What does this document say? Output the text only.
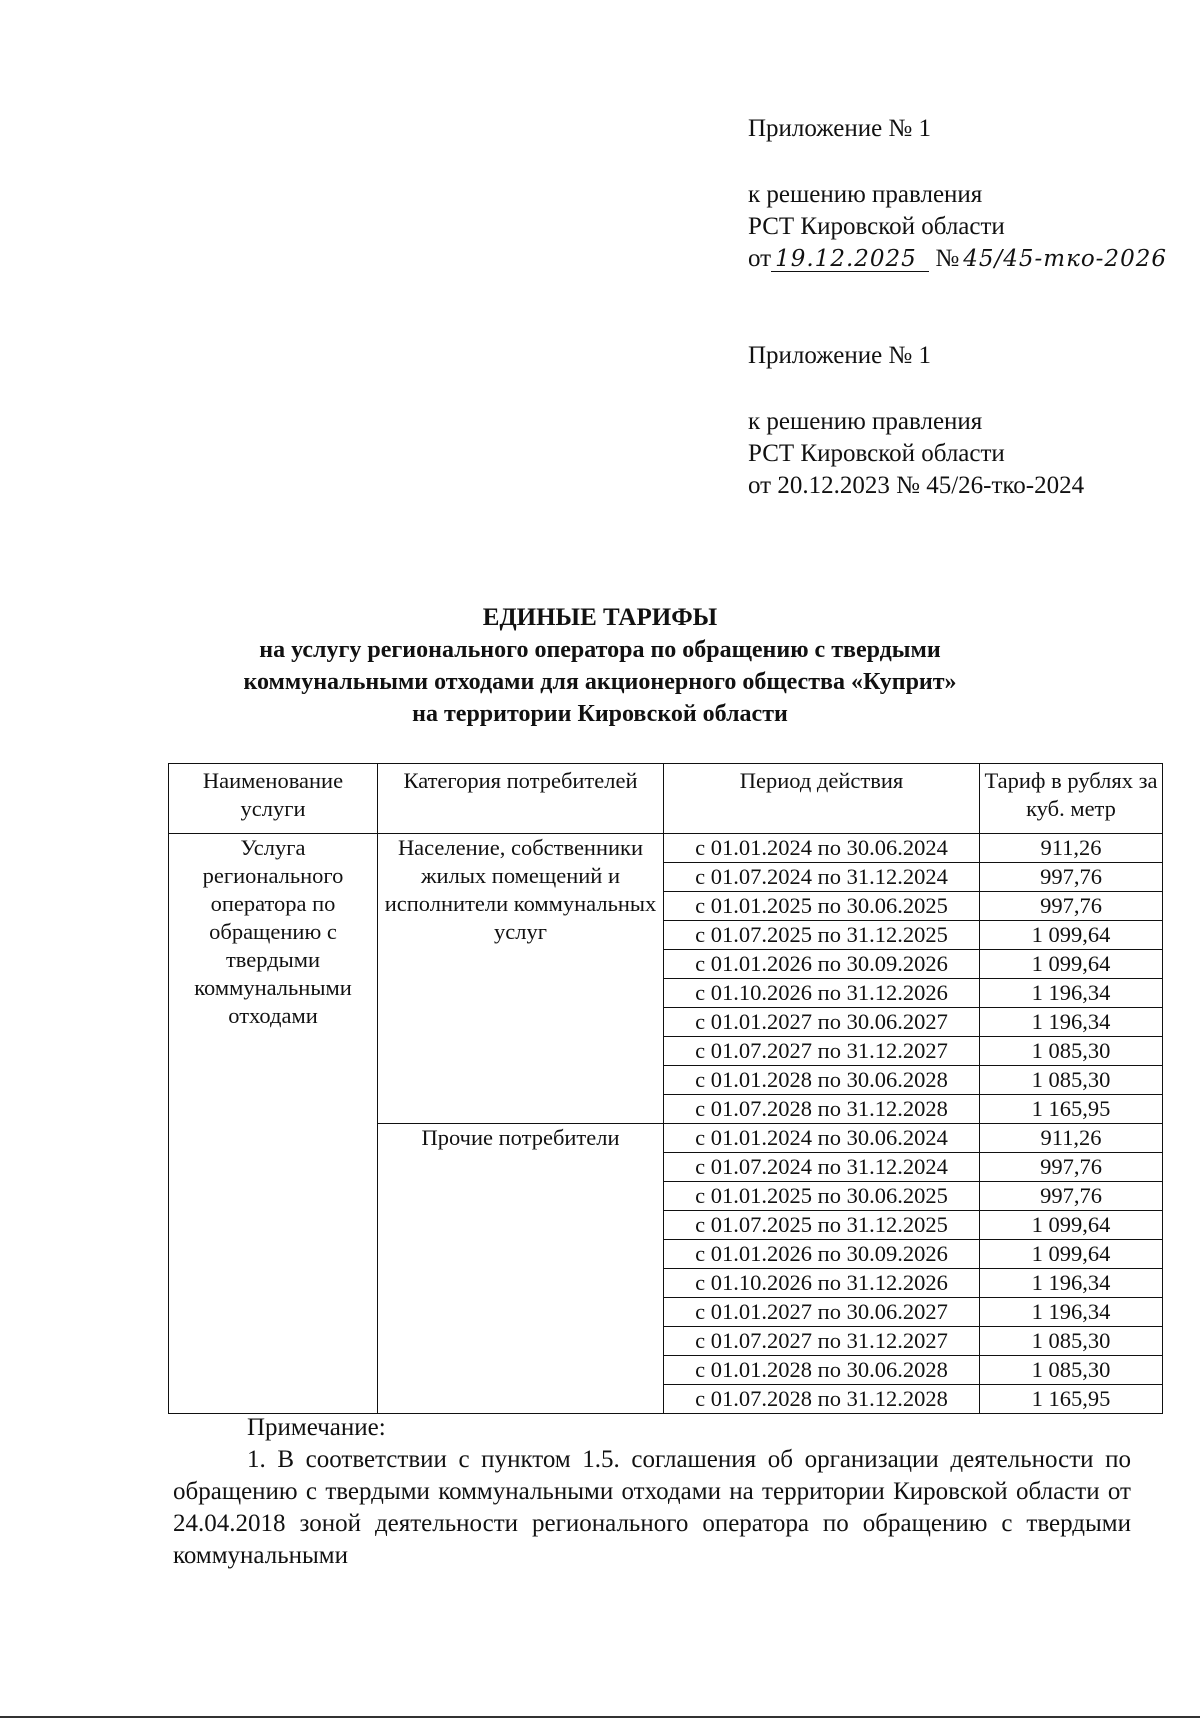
Приложение № 1
к решению правления
РСТ Кировской области
от 19.12.2025 № 45/45-тко-2026
Приложение № 1
к решению правления
РСТ Кировской области
от 20.12.2023 № 45/26-тко-2024
ЕДИНЫЕ ТАРИФЫ
на услугу регионального оператора по обращению с твердыми
коммунальными отходами для акционерного общества «Куприт»
на территории Кировской области
Наименование услуги	Категория потребителей	Период действия	Тариф в рублях за куб. метр
Услуга регионального оператора по обращению с твердыми коммунальными отходами	Население, собственники жилых помещений и исполнители коммунальных услуг	с 01.01.2024 по 30.06.2024	911,26
		с 01.07.2024 по 31.12.2024	997,76
		с 01.01.2025 по 30.06.2025	997,76
		с 01.07.2025 по 31.12.2025	1 099,64
		с 01.01.2026 по 30.09.2026	1 099,64
		с 01.10.2026 по 31.12.2026	1 196,34
		с 01.01.2027 по 30.06.2027	1 196,34
		с 01.07.2027 по 31.12.2027	1 085,30
		с 01.01.2028 по 30.06.2028	1 085,30
		с 01.07.2028 по 31.12.2028	1 165,95
	Прочие потребители	с 01.01.2024 по 30.06.2024	911,26
		с 01.07.2024 по 31.12.2024	997,76
		с 01.01.2025 по 30.06.2025	997,76
		с 01.07.2025 по 31.12.2025	1 099,64
		с 01.01.2026 по 30.09.2026	1 099,64
		с 01.10.2026 по 31.12.2026	1 196,34
		с 01.01.2027 по 30.06.2027	1 196,34
		с 01.07.2027 по 31.12.2027	1 085,30
		с 01.01.2028 по 30.06.2028	1 085,30
		с 01.07.2028 по 31.12.2028	1 165,95
Примечание:
1. В соответствии с пунктом 1.5. соглашения об организации деятельности по обращению с твердыми коммунальными отходами на территории Кировской области от 24.04.2018 зоной деятельности регионального оператора по обращению с твердыми коммунальными
